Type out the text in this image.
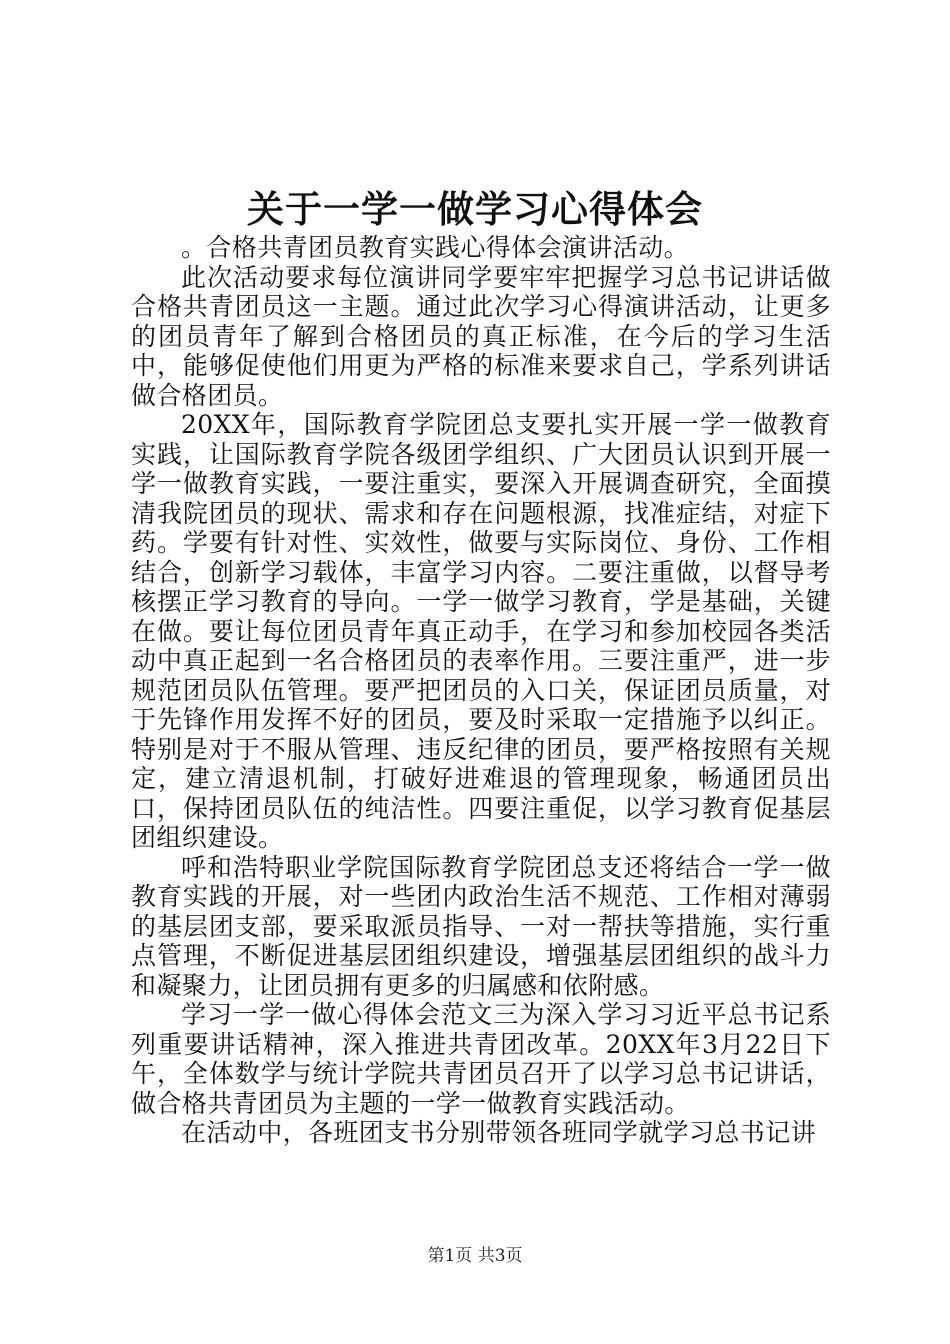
关于一学一做学习心得体会

。合格共青团员教育实践心得体会演讲活动。

此次活动要求每位演讲同学要牢牢把握学习总书记讲话做合格共青团员这一主题。通过此次学习心得演讲活动，让更多的团员青年了解到合格团员的真正标准，在今后的学习生活中，能够促使他们用更为严格的标准来要求自己，学系列讲话做合格团员。

20XX年，国际教育学院团总支要扎实开展一学一做教育实践，让国际教育学院各级团学组织、广大团员认识到开展一学一做教育实践，一要注重实，要深入开展调查研究，全面摸清我院团员的现状、需求和存在问题根源，找准症结，对症下药。学要有针对性、实效性，做要与实际岗位、身份、工作相结合，创新学习载体，丰富学习内容。二要注重做，以督导考核摆正学习教育的导向。一学一做学习教育，学是基础，关键在做。要让每位团员青年真正动手，在学习和参加校园各类活动中真正起到一名合格团员的表率作用。三要注重严，进一步规范团员队伍管理。要严把团员的入口关，保证团员质量，对于先锋作用发挥不好的团员，要及时采取一定措施予以纠正。特别是对于不服从管理、违反纪律的团员，要严格按照有关规定，建立清退机制，打破好进难退的管理现象，畅通团员出口，保持团员队伍的纯洁性。四要注重促，以学习教育促基层团组织建设。

呼和浩特职业学院国际教育学院团总支还将结合一学一做教育实践的开展，对一些团内政治生活不规范、工作相对薄弱的基层团支部，要采取派员指导、一对一帮扶等措施，实行重点管理，不断促进基层团组织建设，增强基层团组织的战斗力和凝聚力，让团员拥有更多的归属感和依附感。

学习一学一做心得体会范文三为深入学习习近平总书记系列重要讲话精神，深入推进共青团改革。20XX年3月22日下午，全体数学与统计学院共青团员召开了以学习总书记讲话，做合格共青团员为主题的一学一做教育实践活动。

在活动中，各班团支书分别带领各班同学就学习总书记讲

第1页 共3页
